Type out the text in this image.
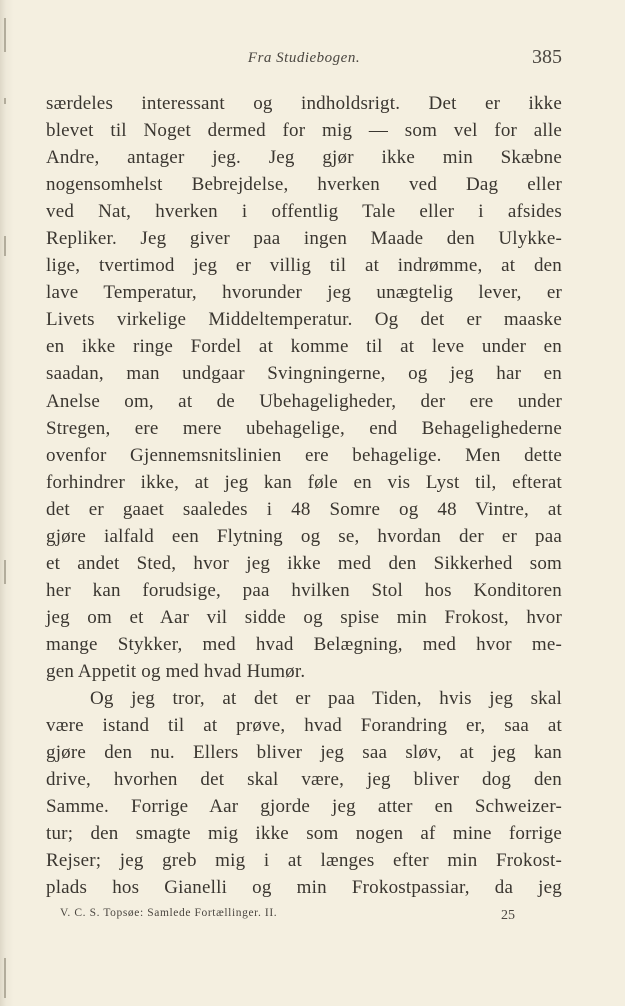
Fra Studiebogen.	385
særdeles interessant og indholdsrigt. Det er ikke
blevet til Noget dermed for mig — som vel for alle
Andre, antager jeg. Jeg gjør ikke min Skæbne
nogensomhelst Bebrejdelse, hverken ved Dag eller
ved Nat, hverken i offentlig Tale eller i afsides
Repliker. Jeg giver paa ingen Maade den Ulykke-
lige, tvertimod jeg er villig til at indrømme, at den
lave Temperatur, hvorunder jeg unægtelig lever, er
Livets virkelige Middeltemperatur. Og det er maaske
en ikke ringe Fordel at komme til at leve under en
saadan, man undgaar Svingningerne, og jeg har en
Anelse om, at de Ubehageligheder, der ere under
Stregen, ere mere ubehagelige, end Behagelighederne
ovenfor Gjennemsnitslinien ere behagelige. Men dette
forhindrer ikke, at jeg kan føle en vis Lyst til, efterat
det er gaaet saaledes i 48 Somre og 48 Vintre, at
gjøre ialfald een Flytning og se, hvordan der er paa
et andet Sted, hvor jeg ikke med den Sikkerhed som
her kan forudsige, paa hvilken Stol hos Konditoren
jeg om et Aar vil sidde og spise min Frokost, hvor
mange Stykker, med hvad Belægning, med hvor me-
gen Appetit og med hvad Humør.
Og jeg tror, at det er paa Tiden, hvis jeg skal
være istand til at prøve, hvad Forandring er, saa at
gjøre den nu. Ellers bliver jeg saa sløv, at jeg kan
drive, hvorhen det skal være, jeg bliver dog den
Samme. Forrige Aar gjorde jeg atter en Schweizer-
tur; den smagte mig ikke som nogen af mine forrige
Rejser; jeg greb mig i at længes efter min Frokost-
plads hos Gianelli og min Frokostpassiar, da jeg
V. C. S. Topsøe: Samlede Fortællinger. II.	25
